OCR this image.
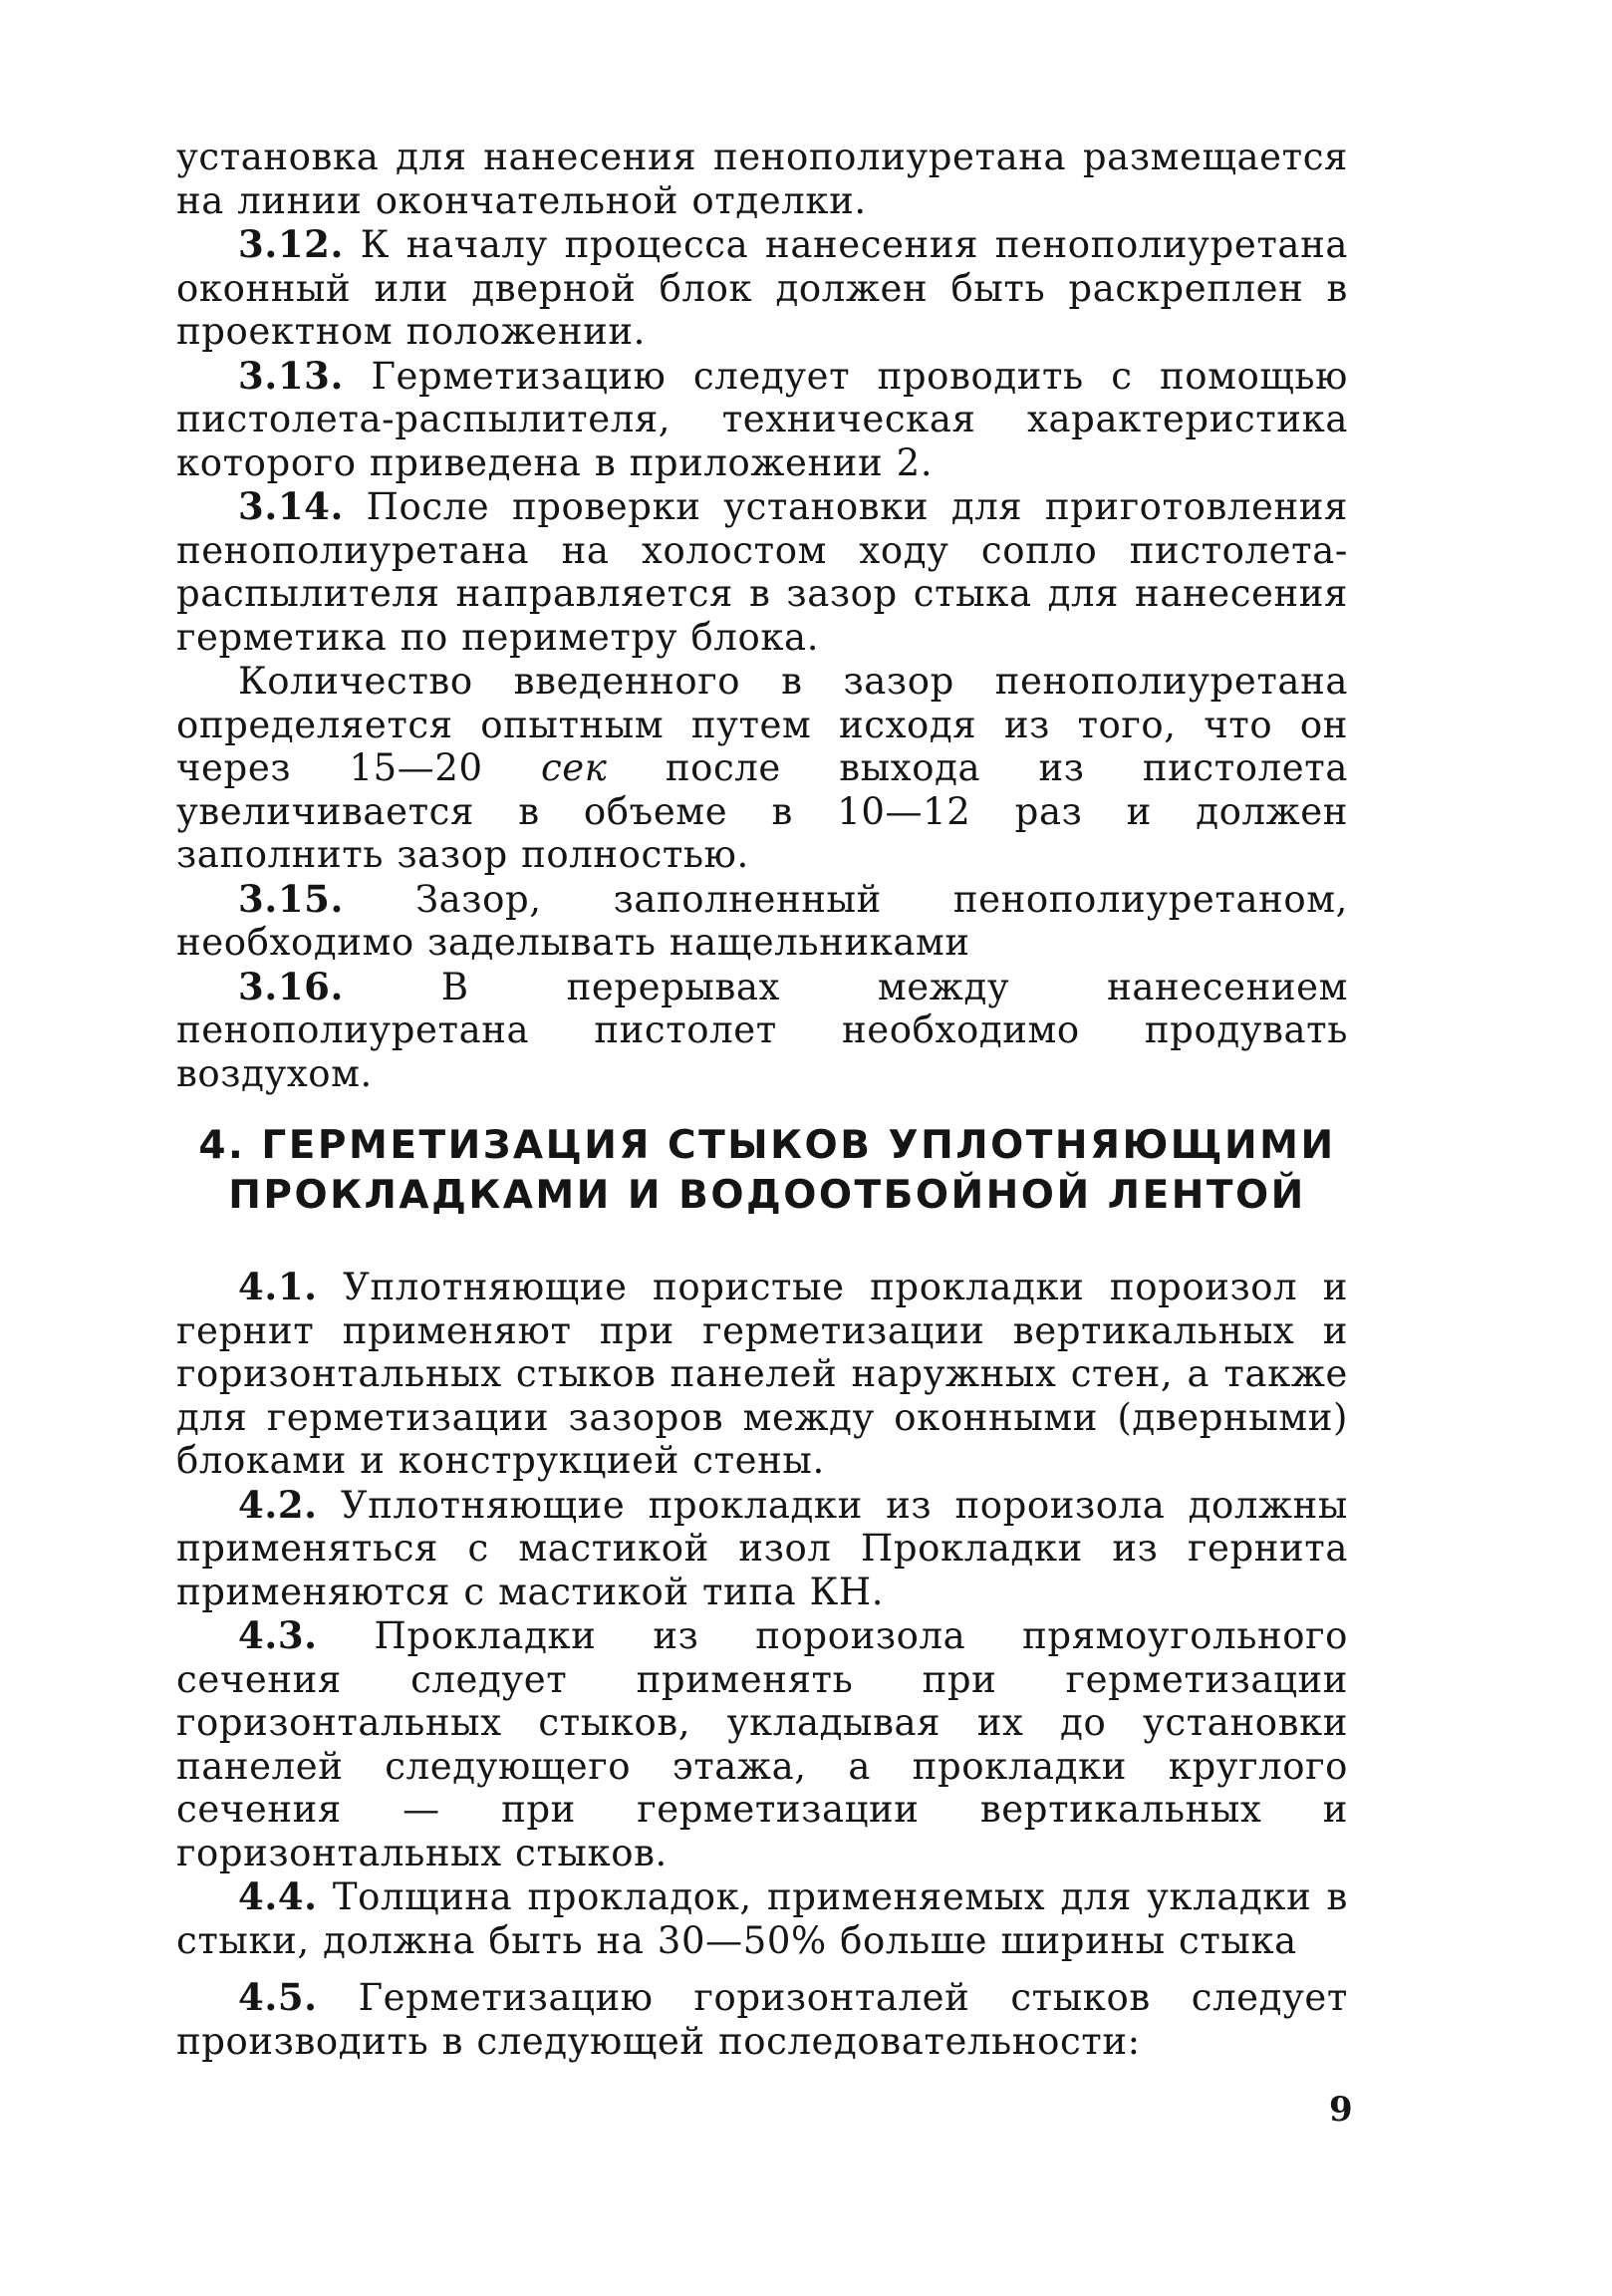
установка для нанесения пенополиуретана размещается на линии окончательной отделки.

3.12. К началу процесса нанесения пенополиуретана оконный или дверной блок должен быть раскреплен в проектном положении.

3.13. Герметизацию следует проводить с помощью пистолета-распылителя, техническая характеристика которого приведена в приложении 2.

3.14. После проверки установки для приготовления пенополиуретана на холостом ходу сопло пистолета-распылителя направляется в зазор стыка для нанесения герметика по периметру блока.

Количество введенного в зазор пенополиуретана определяется опытным путем исходя из того, что он через 15—20 сек после выхода из пистолета увеличивается в объеме в 10—12 раз и должен заполнить зазор полностью.

3.15. Зазор, заполненный пенополиуретаном, необходимо заделывать нащельниками

3.16. В перерывах между нанесением пенополиуретана пистолет необходимо продувать воздухом.

4. ГЕРМЕТИЗАЦИЯ СТЫКОВ УПЛОТНЯЮЩИМИ
ПРОКЛАДКАМИ И ВОДООТБОЙНОЙ ЛЕНТОЙ

4.1. Уплотняющие пористые прокладки пороизол и гернит применяют при герметизации вертикальных и горизонтальных стыков панелей наружных стен, а также для герметизации зазоров между оконными (дверными) блоками и конструкцией стены.

4.2. Уплотняющие прокладки из пороизола должны применяться с мастикой изол Прокладки из гернита применяются с мастикой типа КН.

4.3. Прокладки из пороизола прямоугольного сечения следует применять при герметизации горизонтальных стыков, укладывая их до установки панелей следующего этажа, а прокладки круглого сечения — при герметизации вертикальных и горизонтальных стыков.

4.4. Толщина прокладок, применяемых для укладки в стыки, должна быть на 30—50% больше ширины стыка

4.5. Герметизацию горизонталей стыков следует производить в следующей последовательности:

9
